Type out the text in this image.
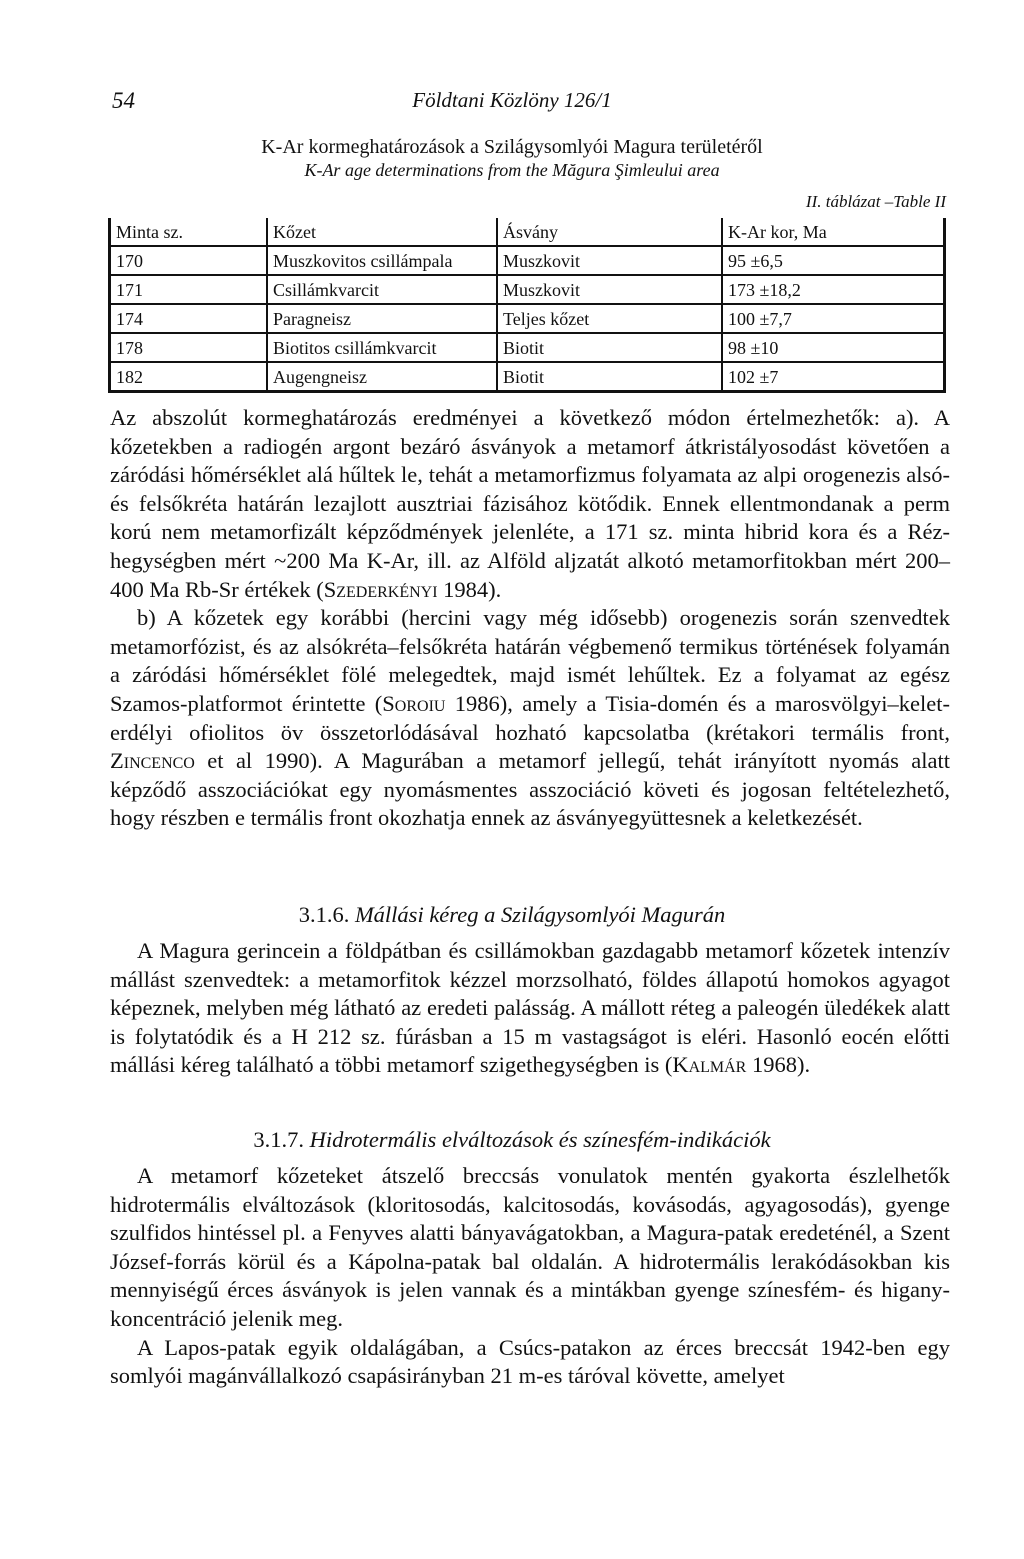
54	Földtani Közlöny 126/1
K-Ar kormeghatározások a Szilágysomlyói Magura területéről
K-Ar age determinations from the Măgura Şimleului area
II. táblázat –Table II
Minta sz.	Kőzet	Ásvány	K-Ar kor, Ma
170	Muszkovitos csillámpala	Muszkovit	95 ±6,5
171	Csillámkvarcit	Muszkovit	173 ±18,2
174	Paragneisz	Teljes kőzet	100 ±7,7
178	Biotitos csillámkvarcit	Biotit	98 ±10
182	Augengneisz	Biotit	102 ±7

Az abszolút kormeghatározás eredményei a következő módon értelmezhetők: a). A kőzetekben a radiogén argont bezáró ásványok a metamorf átkristályosodást követően a záródási hőmérséklet alá hűltek le, tehát a metamorfizmus folyamata az alpi orogenezis alsó- és felsőkréta határán lezajlott ausztriai fázisához kötődik. Ennek ellentmondanak a perm korú nem metamorfizált képződmények jelenléte, a 171 sz. minta hibrid kora és a Réz-hegységben mért ~200 Ma K-Ar, ill. az Alföld aljzatát alkotó metamorfitokban mért 200–400 Ma Rb-Sr értékek (Szederkényi 1984).

b) A kőzetek egy korábbi (hercini vagy még idősebb) orogenezis során szenvedtek metamorfózist, és az alsókréta–felsőkréta határán végbemenő termikus történések folyamán a záródási hőmérséklet fölé melegedtek, majd ismét lehűltek. Ez a folyamat az egész Szamos-platformot érintette (Soroiu 1986), amely a Tisia-domén és a marosvölgyi–kelet-erdélyi ofiolitos öv összetorlódásával hozható kapcsolatba (krétakori termális front, Zincenco et al 1990). A Magurában a metamorf jellegű, tehát irányított nyomás alatt képződő asszociációkat egy nyomásmentes asszociáció követi és jogosan feltételezhető, hogy részben e termális front okozhatja ennek az ásványegyüttesnek a keletkezését.

3.1.6. Mállási kéreg a Szilágysomlyói Magurán

A Magura gerincein a földpátban és csillámokban gazdagabb metamorf kőzetek intenzív mállást szenvedtek: a metamorfitok kézzel morzsolható, földes állapotú homokos agyagot képeznek, melyben még látható az eredeti palásság. A mállott réteg a paleogén üledékek alatt is folytatódik és a H 212 sz. fúrásban a 15 m vastagságot is eléri. Hasonló eocén előtti mállási kéreg található a többi metamorf szigethegységben is (Kalmár 1968).

3.1.7. Hidrotermális elváltozások és színesfém-indikációk

A metamorf kőzeteket átszelő breccsás vonulatok mentén gyakorta észlelhetők hidrotermális elváltozások (kloritosodás, kalcitosodás, kovásodás, agyagosodás), gyenge szulfidos hintéssel pl. a Fenyves alatti bányavágatokban, a Magura-patak eredeténél, a Szent József-forrás körül és a Kápolna-patak bal oldalán. A hidrotermális lerakódásokban kis mennyiségű érces ásványok is jelen vannak és a mintákban gyenge színesfém- és higany-koncentráció jelenik meg.

A Lapos-patak egyik oldalágában, a Csúcs-patakon az érces breccsát 1942-ben egy somlyói magánvállalkozó csapásirányban 21 m-es táróval követte, amelyet
